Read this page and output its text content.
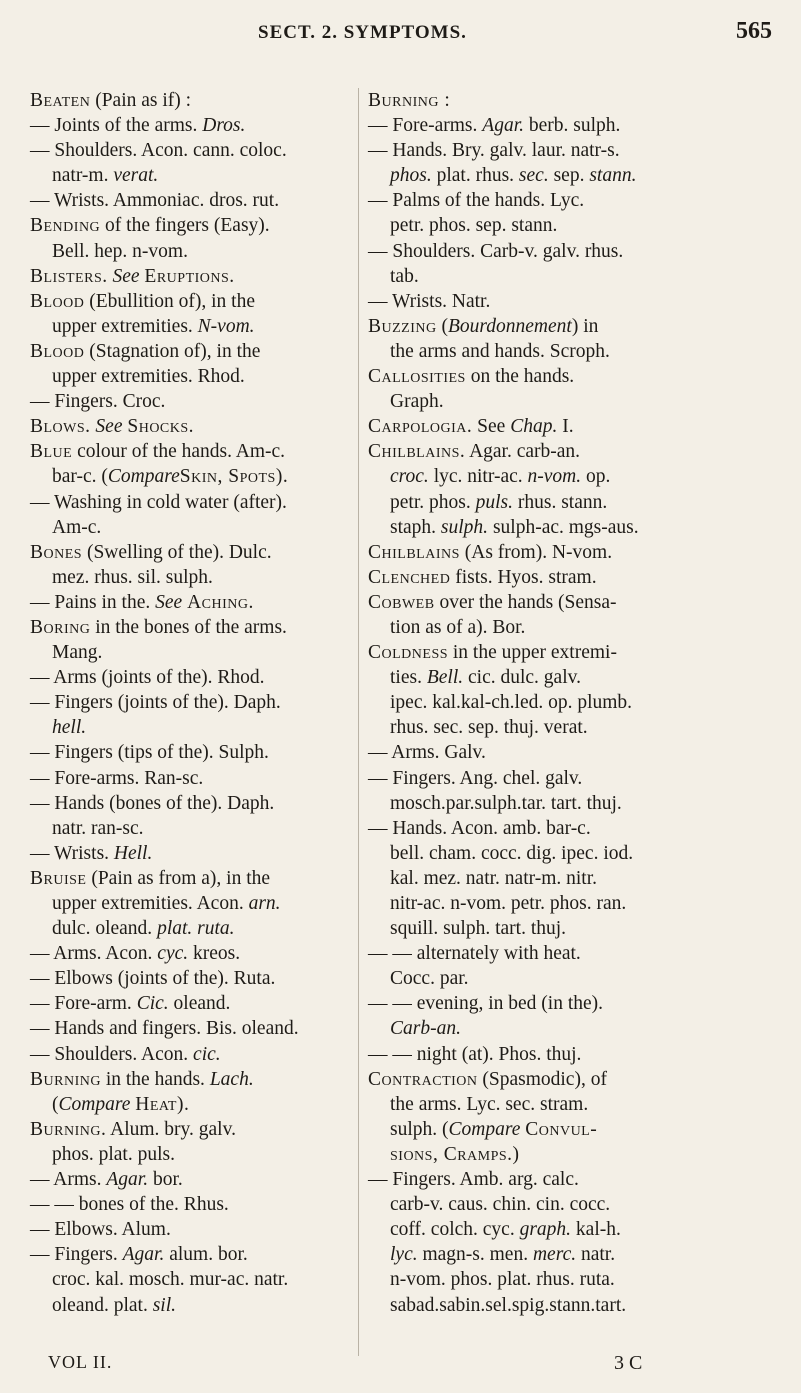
SECT. 2. SYMPTOMS.	565
Beaten (Pain as if) :
— Joints of the arms. Dros.
— Shoulders. Acon. cann. coloc.
natr-m. verat.
— Wrists. Ammoniac. dros. rut.
Bending of the fingers (Easy).
Bell. hep. n-vom.
Blisters. See Eruptions.
Blood (Ebullition of), in the
upper extremities. N-vom.
Blood (Stagnation of), in the
upper extremities. Rhod.
— Fingers. Croc.
Blows. See Shocks.
Blue colour of the hands. Am-c.
bar-c. (CompareSkin, Spots).
— Washing in cold water (after).
Am-c.
Bones (Swelling of the). Dulc.
mez. rhus. sil. sulph.
— Pains in the. See Aching.
Boring in the bones of the arms.
Mang.
— Arms (joints of the). Rhod.
— Fingers (joints of the). Daph.
hell.
— Fingers (tips of the). Sulph.
— Fore-arms. Ran-sc.
— Hands (bones of the). Daph.
natr. ran-sc.
— Wrists. Hell.
Bruise (Pain as from a), in the
upper extremities. Acon. arn.
dulc. oleand. plat. ruta.
— Arms. Acon. cyc. kreos.
— Elbows (joints of the). Ruta.
— Fore-arm. Cic. oleand.
— Hands and fingers. Bis. oleand.
— Shoulders. Acon. cic.
Burning in the hands. Lach.
(Compare Heat).
Burning. Alum. bry. galv.
phos. plat. puls.
— Arms. Agar. bor.
— — bones of the. Rhus.
— Elbows. Alum.
— Fingers. Agar. alum. bor.
croc. kal. mosch. mur-ac. natr.
oleand. plat. sil.
Burning :
— Fore-arms. Agar. berb. sulph.
— Hands. Bry. galv. laur. natr-s.
phos. plat. rhus. sec. sep. stann.
— Palms of the hands. Lyc.
petr. phos. sep. stann.
— Shoulders. Carb-v. galv. rhus.
tab.
— Wrists. Natr.
Buzzing (Bourdonnement) in
the arms and hands. Scroph.
Callosities on the hands.
Graph.
Carpologia. See Chap. I.
Chilblains. Agar. carb-an.
croc. lyc. nitr-ac. n-vom. op.
petr. phos. puls. rhus. stann.
staph. sulph. sulph-ac. mgs-aus.
Chilblains (As from). N-vom.
Clenched fists. Hyos. stram.
Cobweb over the hands (Sensa-
tion as of a). Bor.
Coldness in the upper extremi-
ties. Bell. cic. dulc. galv.
ipec. kal.kal-ch.led. op. plumb.
rhus. sec. sep. thuj. verat.
— Arms. Galv.
— Fingers. Ang. chel. galv.
mosch.par.sulph.tar. tart. thuj.
— Hands. Acon. amb. bar-c.
bell. cham. cocc. dig. ipec. iod.
kal. mez. natr. natr-m. nitr.
nitr-ac. n-vom. petr. phos. ran.
squill. sulph. tart. thuj.
— — alternately with heat.
Cocc. par.
— — evening, in bed (in the).
Carb-an.
— — night (at). Phos. thuj.
Contraction (Spasmodic), of
the arms. Lyc. sec. stram.
sulph. (Compare Convul-
sions, Cramps.)
— Fingers. Amb. arg. calc.
carb-v. caus. chin. cin. cocc.
coff. colch. cyc. graph. kal-h.
lyc. magn-s. men. merc. natr.
n-vom. phos. plat. rhus. ruta.
sabad.sabin.sel.spig.stann.tart.
VOL II.	3 C
